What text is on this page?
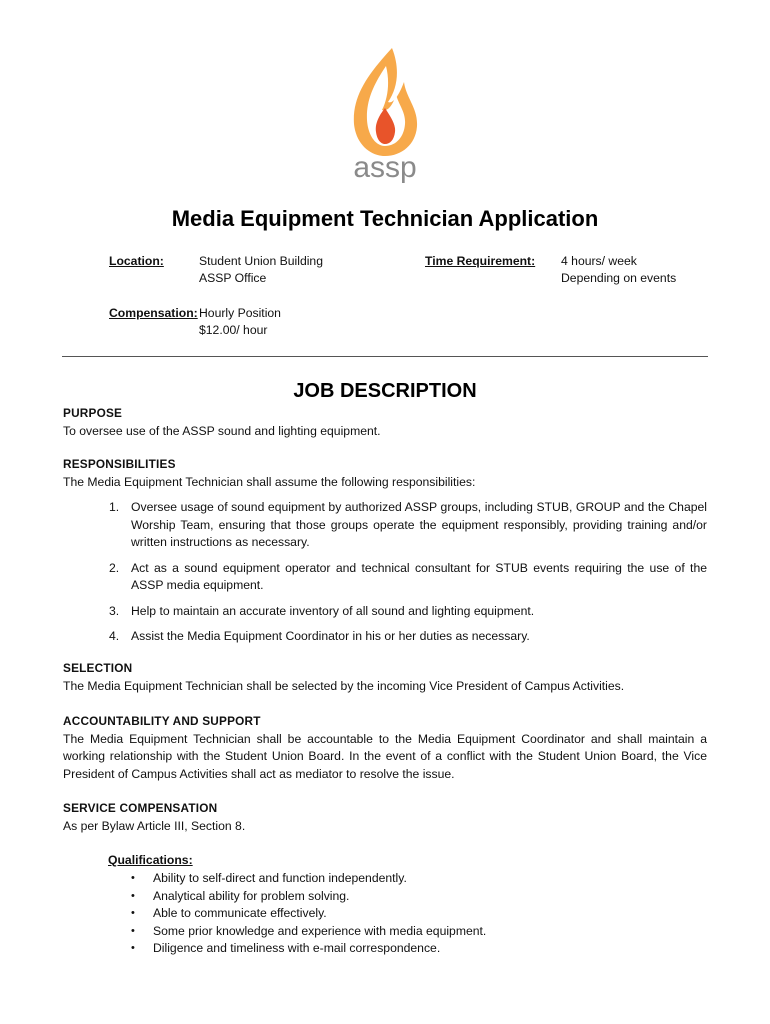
assp
Media Equipment Technician Application
Location:	Student Union Building
ASSP Office
Time Requirement: 4 hours/ week
Depending on events
Compensation: Hourly Position
$12.00/ hour
JOB DESCRIPTION
PURPOSE
To oversee use of the ASSP sound and lighting equipment.
RESPONSIBILITIES
The Media Equipment Technician shall assume the following responsibilities:
1. Oversee usage of sound equipment by authorized ASSP groups, including STUB, GROUP and the Chapel Worship Team, ensuring that those groups operate the equipment responsibly, providing training and/or written instructions as necessary.
2. Act as a sound equipment operator and technical consultant for STUB events requiring the use of the ASSP media equipment.
3. Help to maintain an accurate inventory of all sound and lighting equipment.
4. Assist the Media Equipment Coordinator in his or her duties as necessary.
SELECTION
The Media Equipment Technician shall be selected by the incoming Vice President of Campus Activities.
ACCOUNTABILITY AND SUPPORT
The Media Equipment Technician shall be accountable to the Media Equipment Coordinator and shall maintain a working relationship with the Student Union Board. In the event of a conflict with the Student Union Board, the Vice President of Campus Activities shall act as mediator to resolve the issue.
SERVICE COMPENSATION
As per Bylaw Article III, Section 8.
Qualifications:
• Ability to self-direct and function independently.
• Analytical ability for problem solving.
• Able to communicate effectively.
• Some prior knowledge and experience with media equipment.
• Diligence and timeliness with e-mail correspondence.
